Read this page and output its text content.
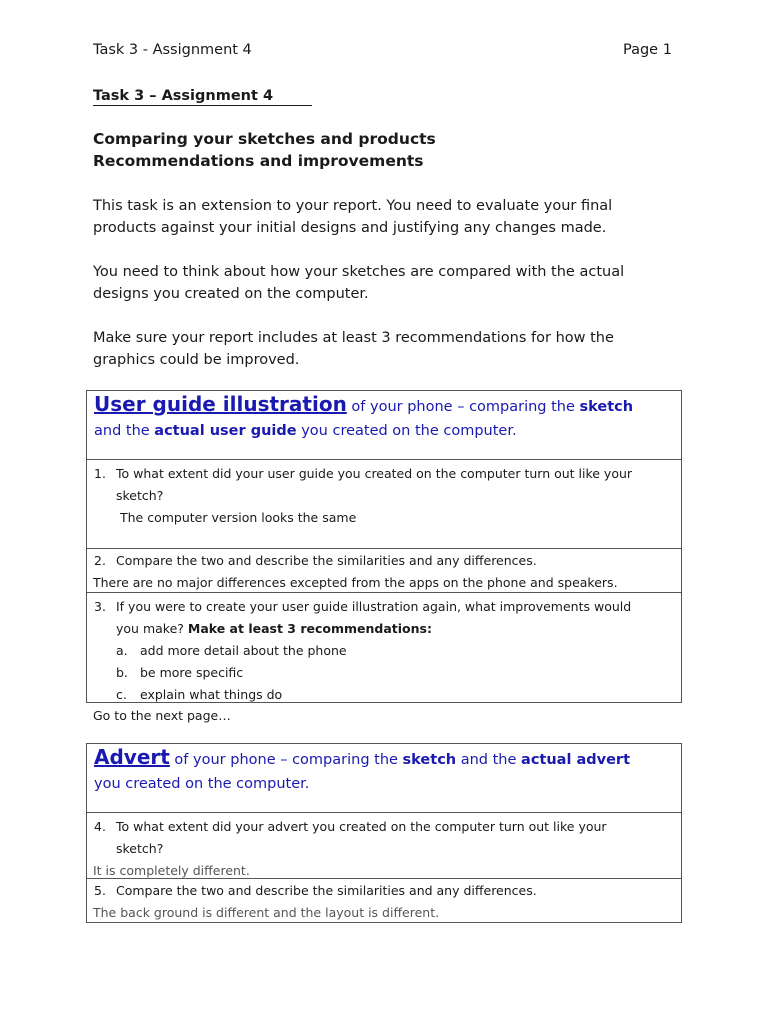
Task 3 - Assignment 4	Page 1
Task 3 – Assignment 4
Comparing your sketches and products
Recommendations and improvements
This task is an extension to your report. You need to evaluate your final
products against your initial designs and justifying any changes made.
You need to think about how your sketches are compared with the actual
designs you created on the computer.
Make sure your report includes at least 3 recommendations for how the
graphics could be improved.
User guide illustration of your phone – comparing the sketch
and the actual user guide you created on the computer.
1. To what extent did your user guide you created on the computer turn out like your
sketch?
The computer version looks the same
2. Compare the two and describe the similarities and any differences.
There are no major differences excepted from the apps on the phone and speakers.
3. If you were to create your user guide illustration again, what improvements would
you make? Make at least 3 recommendations:
a. add more detail about the phone
b. be more specific
c.	explain what things do
Go to the next page…
Advert of your phone – comparing the sketch and the actual advert
you created on the computer.
4. To what extent did your advert you created on the computer turn out like your
sketch?
It is completely different.
5. Compare the two and describe the similarities and any differences.
The back ground is different and the layout is different.
